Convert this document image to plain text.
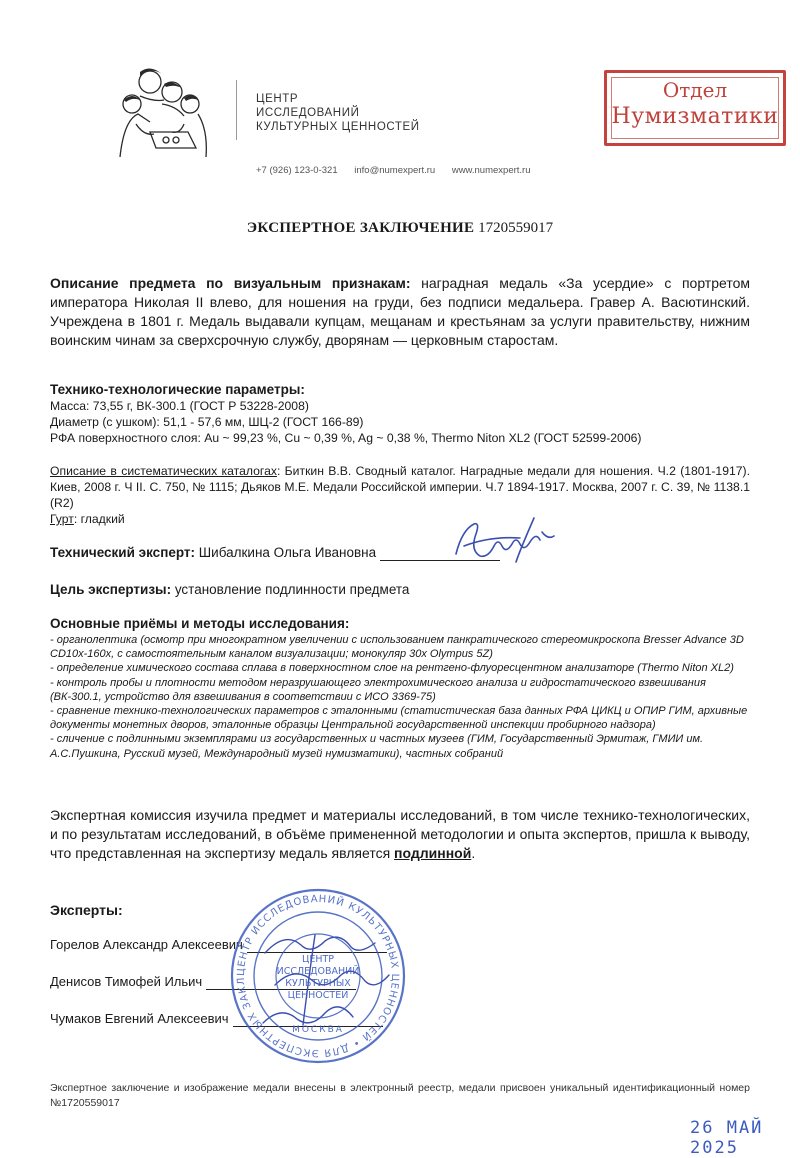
ЦЕНТР
ИССЛЕДОВАНИЙ
КУЛЬТУРНЫХ ЦЕННОСТЕЙ
+7 (926) 123-0-321 info@numexpert.ru www.numexpert.ru
Отдел
Нумизматики
ЭКСПЕРТНОЕ ЗАКЛЮЧЕНИЕ 1720559017
Описание предмета по визуальным признакам: наградная медаль «За усердие» с портретом императора Николая II влево, для ношения на груди, без подписи медальера. Гравер А. Васютинский. Учреждена в 1801 г. Медаль выдавали купцам, мещанам и крестьянам за услуги правительству, нижним воинским чинам за сверхсрочную службу, дворянам — церковным старостам.
Технико-технологические параметры:
Масса: 73,55 г, ВК-300.1 (ГОСТ Р 53228-2008)
Диаметр (с ушком): 51,1 - 57,6 мм, ШЦ-2 (ГОСТ 166-89)
РФА поверхностного слоя: Au ~ 99,23 %, Cu ~ 0,39 %, Ag ~ 0,38 %, Thermo Niton XL2 (ГОСТ 52599-2006)
Описание в систематических каталогах: Биткин В.В. Сводный каталог. Наградные медали для ношения. Ч.2 (1801-1917). Киев, 2008 г. Ч II. С. 750, № 1115; Дьяков М.Е. Медали Российской империи. Ч.7 1894-1917. Москва, 2007 г. С. 39, № 1138.1 (R2)
Гурт: гладкий
Технический эксперт: Шибалкина Ольга Ивановна
Цель экспертизы: установление подлинности предмета
Основные приёмы и методы исследования:
- органолептика (осмотр при многократном увеличении с использованием панкратического стереомикроскопа Bresser Advance 3D CD10x-160x, с самостоятельным каналом визуализации; монокуляр 30x Olympus 5Z)
- определение химического состава сплава в поверхностном слое на рентгено-флуоресцентном анализаторе (Thermo Niton XL2)
- контроль пробы и плотности методом неразрушающего электрохимического анализа и гидростатического взвешивания (ВК-300.1, устройство для взвешивания в соответствии с ИСО 3369-75)
- сравнение технико-технологических параметров с эталонными (статистическая база данных РФА ЦИКЦ и ОПИР ГИМ, архивные документы монетных дворов, эталонные образцы Центральной государственной инспекции пробирного надзора)
- сличение с подлинными экземплярами из государственных и частных музеев (ГИМ, Государственный Эрмитаж, ГМИИ им. А.С.Пушкина, Русский музей, Международный музей нумизматики), частных собраний
Экспертная комиссия изучила предмет и материалы исследований, в том числе технико-технологических, и по результатам исследований, в объёме примененной методологии и опыта экспертов, пришла к выводу, что представленная на экспертизу медаль является подлинной.
Эксперты:
Горелов Александр Алексеевич
Денисов Тимофей Ильич
Чумаков Евгений Алексеевич
ЦЕНТР ИССЛЕДОВАНИЙ КУЛЬТУРНЫХ ЦЕННОСТЕЙ • ДЛЯ ЭКСПЕРТНЫХ ЗАКЛ
ЦЕНТР
ИССЛЕДОВАНИЙ
КУЛЬТУРНЫХ
ЦЕННОСТЕЙ
МОСКВА
Экспертное заключение и изображение медали внесены в электронный реестр, медали присвоен уникальный идентификационный номер №1720559017
26 МАЙ 2025
